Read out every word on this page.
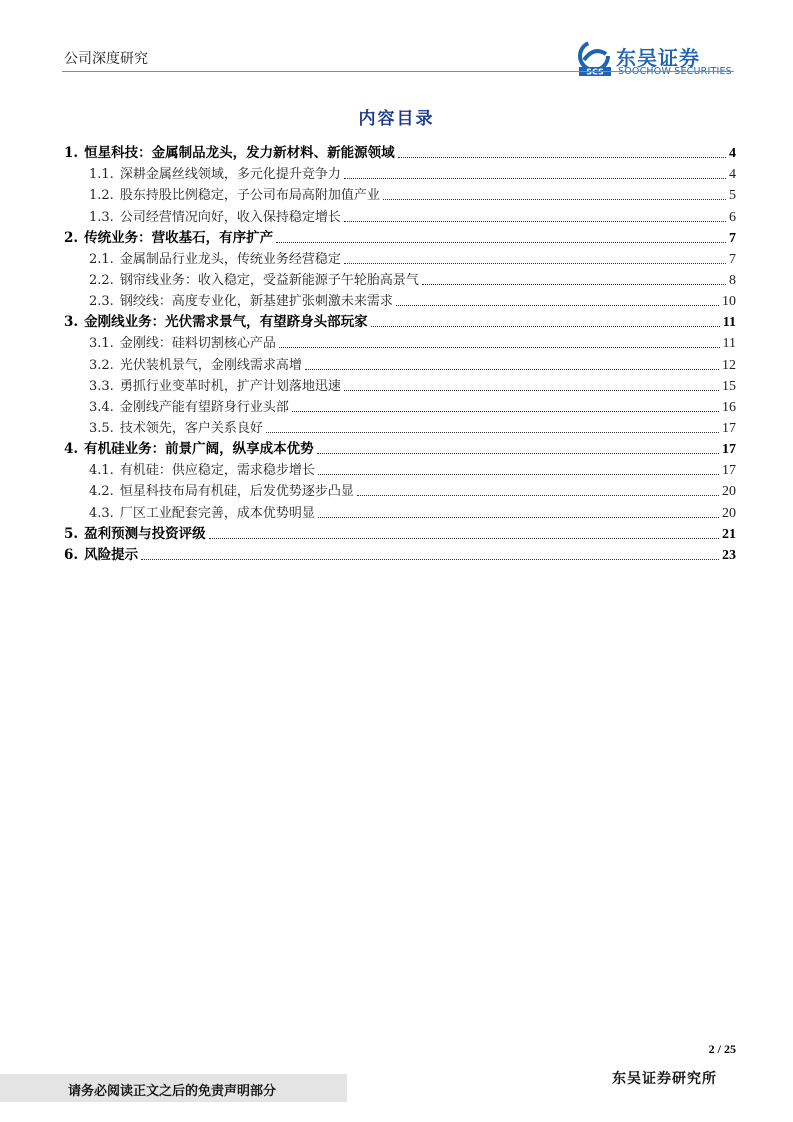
公司深度研究
SCS
东吴证券
SOOCHOW SECURITIES
内容目录
1. 恒星科技：金属制品龙头，发力新材料、新能源领域	4
1.1. 深耕金属丝线领域，多元化提升竞争力	4
1.2. 股东持股比例稳定，子公司布局高附加值产业	5
1.3. 公司经营情况向好，收入保持稳定增长	6
2. 传统业务：营收基石，有序扩产	7
2.1. 金属制品行业龙头，传统业务经营稳定	7
2.2. 钢帘线业务：收入稳定，受益新能源子午轮胎高景气	8
2.3. 钢绞线：高度专业化，新基建扩张刺激未来需求	10
3. 金刚线业务：光伏需求景气，有望跻身头部玩家	11
3.1. 金刚线：硅料切割核心产品	11
3.2. 光伏装机景气，金刚线需求高增	12
3.3. 勇抓行业变革时机，扩产计划落地迅速	15
3.4. 金刚线产能有望跻身行业头部	16
3.5. 技术领先，客户关系良好	17
4. 有机硅业务：前景广阔，纵享成本优势	17
4.1. 有机硅：供应稳定，需求稳步增长	17
4.2. 恒星科技布局有机硅，后发优势逐步凸显	20
4.3. 厂区工业配套完善，成本优势明显	20
5. 盈利预测与投资评级	21
6. 风险提示	23
2 / 25
请务必阅读正文之后的免责声明部分
东吴证券研究所
